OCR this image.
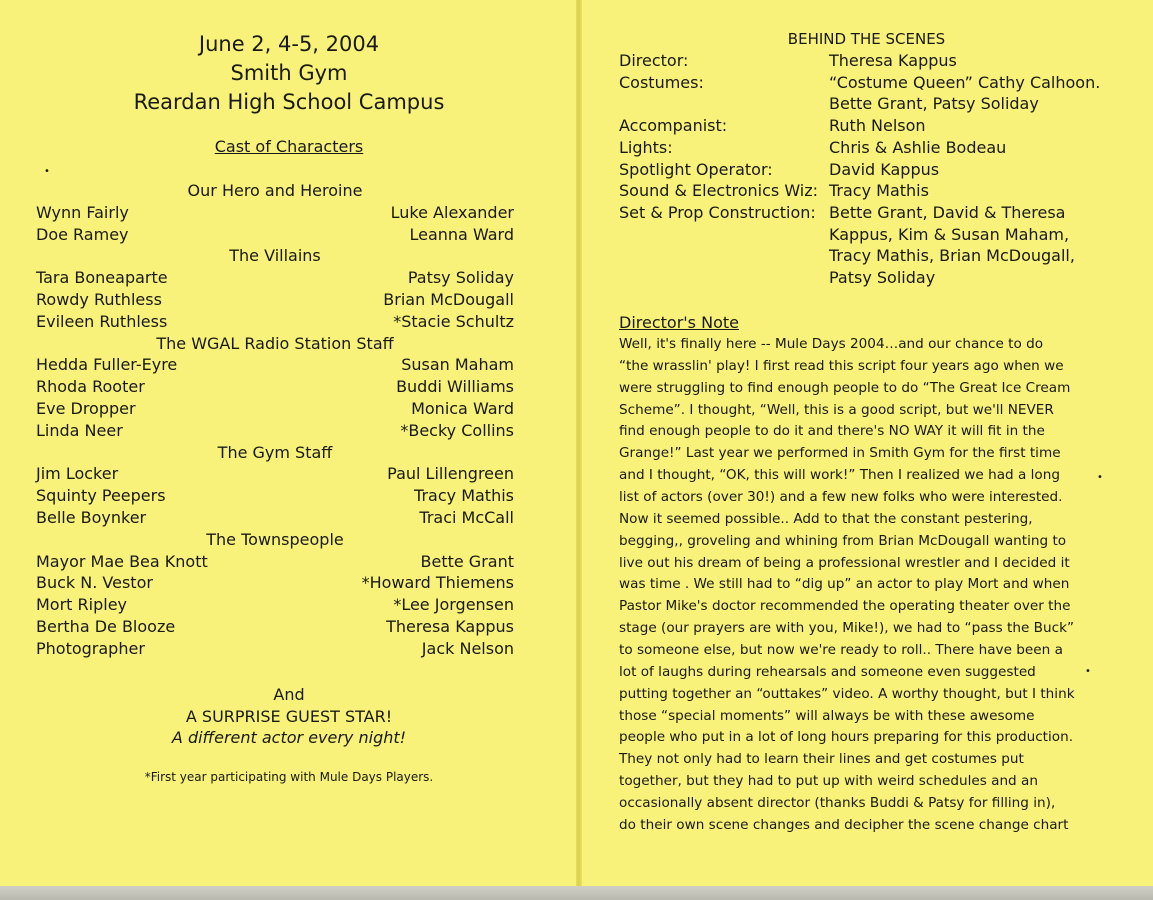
June 2, 4-5, 2004
Smith Gym
Reardan High School Campus
Cast of Characters
•
Our Hero and Heroine
Wynn Fairly	Luke Alexander
Doe Ramey	Leanna Ward
The Villains
Tara Boneaparte	Patsy Soliday
Rowdy Ruthless	Brian McDougall
Evileen Ruthless	*Stacie Schultz
The WGAL Radio Station Staff
Hedda Fuller-Eyre	Susan Maham
Rhoda Rooter	Buddi Williams
Eve Dropper	Monica Ward
Linda Neer	*Becky Collins
The Gym Staff
Jim Locker	Paul Lillengreen
Squinty Peepers	Tracy Mathis
Belle Boynker	Traci McCall
The Townspeople
Mayor Mae Bea Knott	Bette Grant
Buck N. Vestor	*Howard Thiemens
Mort Ripley	*Lee Jorgensen
Bertha De Blooze	Theresa Kappus
Photographer	Jack Nelson
And
A SURPRISE GUEST STAR!
A different actor every night!
*First year participating with Mule Days Players.
BEHIND THE SCENES
Director:	Theresa Kappus
Costumes:	“Costume Queen” Cathy Calhoon.
Bette Grant, Patsy Soliday
Accompanist:	Ruth Nelson
Lights:	Chris & Ashlie Bodeau
Spotlight Operator:	David Kappus
Sound & Electronics Wiz: Tracy Mathis
Set & Prop Construction: Bette Grant, David & Theresa
Kappus, Kim & Susan Maham,
Tracy Mathis, Brian McDougall,
Patsy Soliday
Director's Note
Well, it's finally here -- Mule Days 2004…and our chance to do
“the wrasslin' play! I first read this script four years ago when we
were struggling to find enough people to do “The Great Ice Cream
Scheme”. I thought, “Well, this is a good script, but we'll NEVER
find enough people to do it and there's NO WAY it will fit in the
Grange!” Last year we performed in Smith Gym for the first time
and I thought, “OK, this will work!” Then I realized we had a long
list of actors (over 30!) and a few new folks who were interested.
Now it seemed possible.. Add to that the constant pestering,
begging,, groveling and whining from Brian McDougall wanting to
live out his dream of being a professional wrestler and I decided it
was time . We still had to “dig up” an actor to play Mort and when
Pastor Mike's doctor recommended the operating theater over the
stage (our prayers are with you, Mike!), we had to “pass the Buck”
to someone else, but now we're ready to roll.. There have been a
lot of laughs during rehearsals and someone even suggested
putting together an “outtakes” video. A worthy thought, but I think
those “special moments” will always be with these awesome
people who put in a lot of long hours preparing for this production.
They not only had to learn their lines and get costumes put
together, but they had to put up with weird schedules and an
occasionally absent director (thanks Buddi & Patsy for filling in),
do their own scene changes and decipher the scene change chart
•
•
